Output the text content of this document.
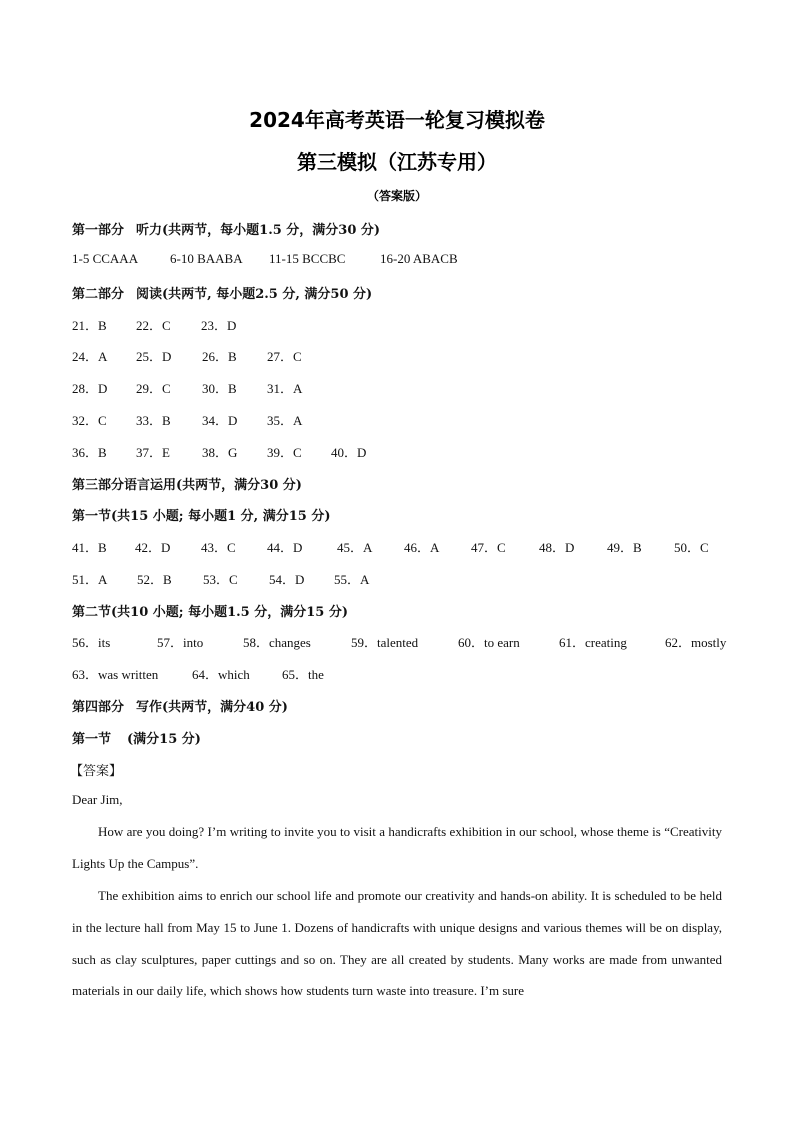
2024年高考英语一轮复习模拟卷
第三模拟（江苏专用）
（答案版）
第一部分 听力(共两节，每小题1.5 分，满分30 分)
1-5 CCAAA 6-10 BAABA 11-15 BCCBC	16-20 ABACB
第二部分 阅读(共两节, 每小题2.5 分, 满分50 分)
21．B 22．C 23．D
24．A 25．D 26．B 27．C
28．D 29．C 30．B 31．A
32．C 33．B 34．D 35．A
36．B 37．E 38．G 39．C 40．D
第三部分语言运用(共两节，满分30 分)
第一节(共15 小题; 每小题1 分, 满分15 分)
41．B 42．D 43．C 44．D	45．A 46．A 47．C	48．D	49．B 50．C
51．A 52．B 53．C 54．D 55．A
第二节(共10 小题; 每小题1.5 分，满分15 分)
56．its	57．into	58．changes	59．talented	60．to earn	61．creating	62．mostly
63．was written	64．which 65．the
第四部分 写作(共两节，满分40 分)
第一节 (满分15 分)
【答案】
Dear Jim,
How are you doing? I’m writing to invite you to visit a handicrafts exhibition in our school, whose theme is “Creativity Lights Up the Campus”.
The exhibition aims to enrich our school life and promote our creativity and hands-on ability. It is scheduled to be held in the lecture hall from May 15 to June 1. Dozens of handicrafts with unique designs and various themes will be on display, such as clay sculptures, paper cuttings and so on. They are all created by students. Many works are made from unwanted materials in our daily life, which shows how students turn waste into treasure. I’m sure
